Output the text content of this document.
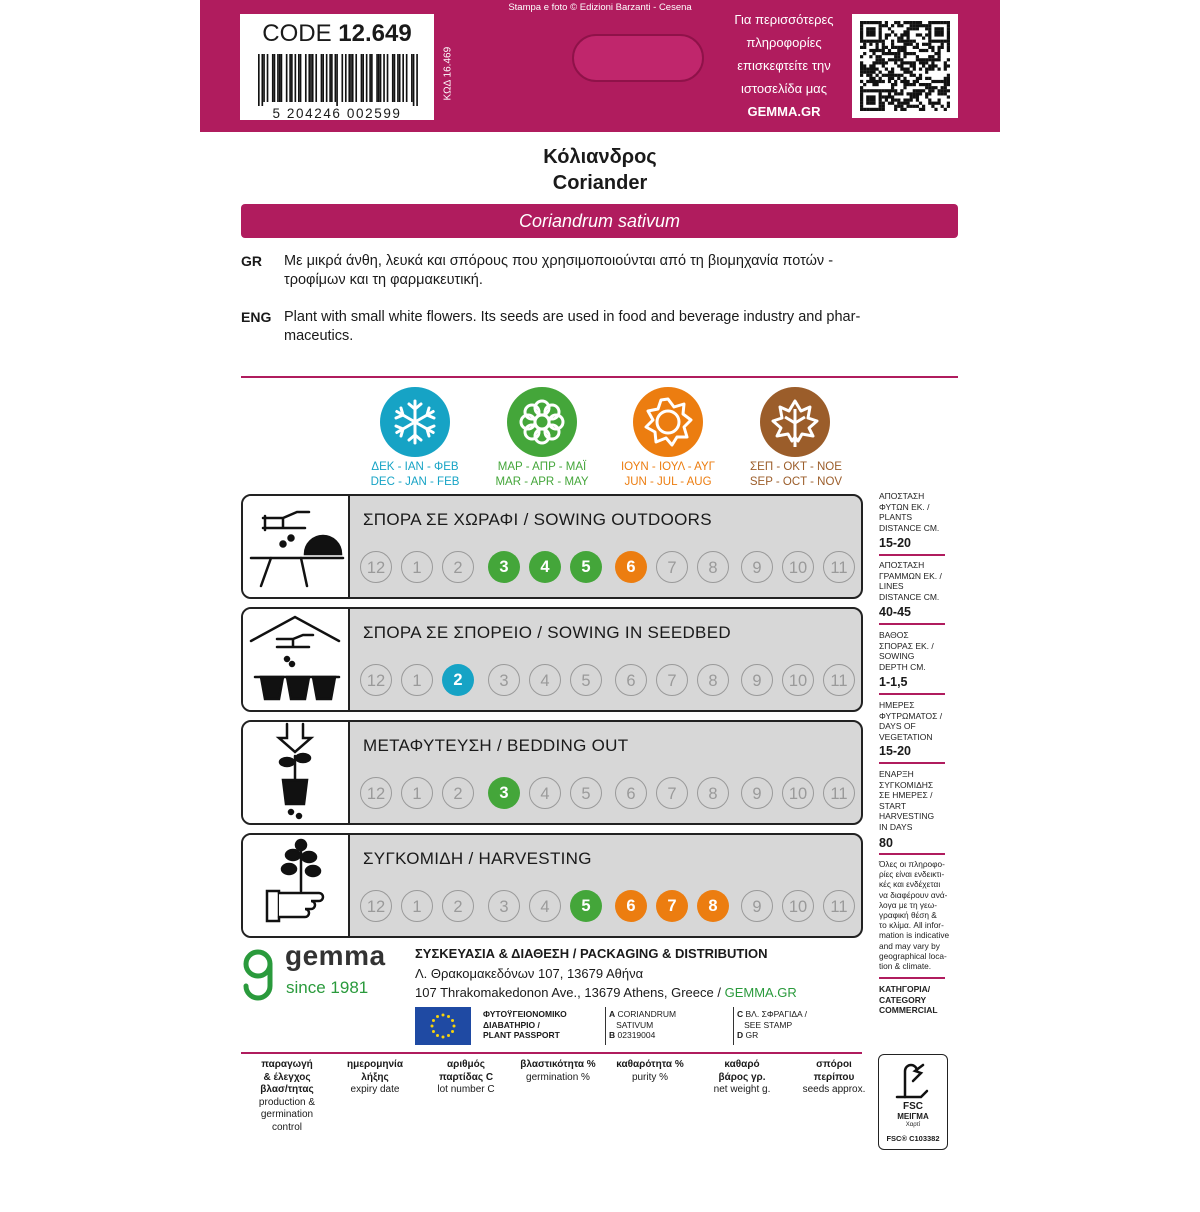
CODE 12.649
5 204246 002599
ΚΩΔ 16.469
Stampa e foto © Edizioni Barzanti - Cesena
Για περισσότερες
πληροφορίες
επισκεφτείτε την
ιστοσελίδα μας
GEMMA.GR
Κόλιανδρος
Coriander
Coriandrum sativum
GR Με μικρά άνθη, λευκά και σπόρους που χρησιμοποιούνται από τη βιομηχανία ποτών -
τροφίμων και τη φαρμακευτική.
ENG Plant with small white flowers. Its seeds are used in food and beverage industry and phar-
maceutics.
ΔΕΚ - ΙΑΝ - ΦΕΒ
DEC - JAN - FEB
ΜΑΡ - ΑΠΡ - ΜΑΪ
MAR - APR - MAY
ΙΟΥΝ - ΙΟΥΛ - ΑΥΓ
JUN - JUL - AUG
ΣΕΠ - ΟΚΤ - ΝΟΕ
SEP - OCT - NOV
ΣΠΟΡΑ ΣΕ ΧΩΡΑΦΙ / SOWING OUTDOORS
12	1	2	3	4	5	6	7	8	9	10	11
ΣΠΟΡΑ ΣΕ ΣΠΟΡΕΙΟ / SOWING IN SEEDBED
12	1	2	3	4	5	6	7	8	9	10	11
ΜΕΤΑΦΥΤΕΥΣΗ / BEDDING OUT
12	1	2	3	4	5	6	7	8	9	10	11
ΣΥΓΚΟΜΙΔΗ / HARVESTING
12	1	2	3	4	5	6	7	8	9	10	11
ΑΠΟΣΤΑΣΗ
ΦΥΤΩΝ ΕΚ. /
PLANTS
DISTANCE CM.
15-20
ΑΠΟΣΤΑΣΗ
ΓΡΑΜΜΩΝ ΕΚ. /
LINES
DISTANCE CM.
40-45
ΒΑΘΟΣ
ΣΠΟΡΑΣ ΕΚ. /
SOWING
DEPTH CM.
1-1,5
ΗΜΕΡΕΣ
ΦΥΤΡΩΜΑΤΟΣ /
DAYS OF
VEGETATION
15-20
ΕΝΑΡΞΗ
ΣΥΓΚΟΜΙΔΗΣ
ΣΕ ΗΜΕΡΕΣ /
START
HARVESTING
IN DAYS
80
Όλες οι πληροφο-
ρίες είναι ενδεικτι-
κές και ενδέχεται
να διαφέρουν ανά-
λογα με τη γεω-
γραφική θέση &
το κλίμα. All infor-
mation is indicative
and may vary by
geographical loca-
tion & climate.
ΚΑΤΗΓΟΡΙΑ/
CATEGORY
COMMERCIAL
gemma
since 1981
ΣΥΣΚΕΥΑΣΙΑ & ΔΙΑΘΕΣΗ / PACKAGING & DISTRIBUTION
Λ. Θρακομακεδόνων 107, 13679 Αθήνα
107 Thrakomakedonon Ave., 13679 Athens, Greece / GEMMA.GR
ΦΥΤΟΫΓΕΙΟΝΟΜΙΚΟ
ΔΙΑΒΑΤΗΡΙΟ /
PLANT PASSPORT
A CORIANDRUM
SATIVUM
B 02319004
C ΒΛ. ΣΦΡΑΓΙΔΑ /
SEE STAMP
D GR
παραγωγή
& έλεγχος
βλασ/τητας
production &
germination
control
ημερομηνία
λήξης
expiry date
αριθμός
παρτίδας C
lot number C
βλαστικότητα %
germination %
καθαρότητα %
purity %
καθαρό
βάρος γρ.
net weight g.
σπόροι
περίπου
seeds approx.
FSC
ΜΕΙΓΜΑ
Χαρτί
FSC® C103382
